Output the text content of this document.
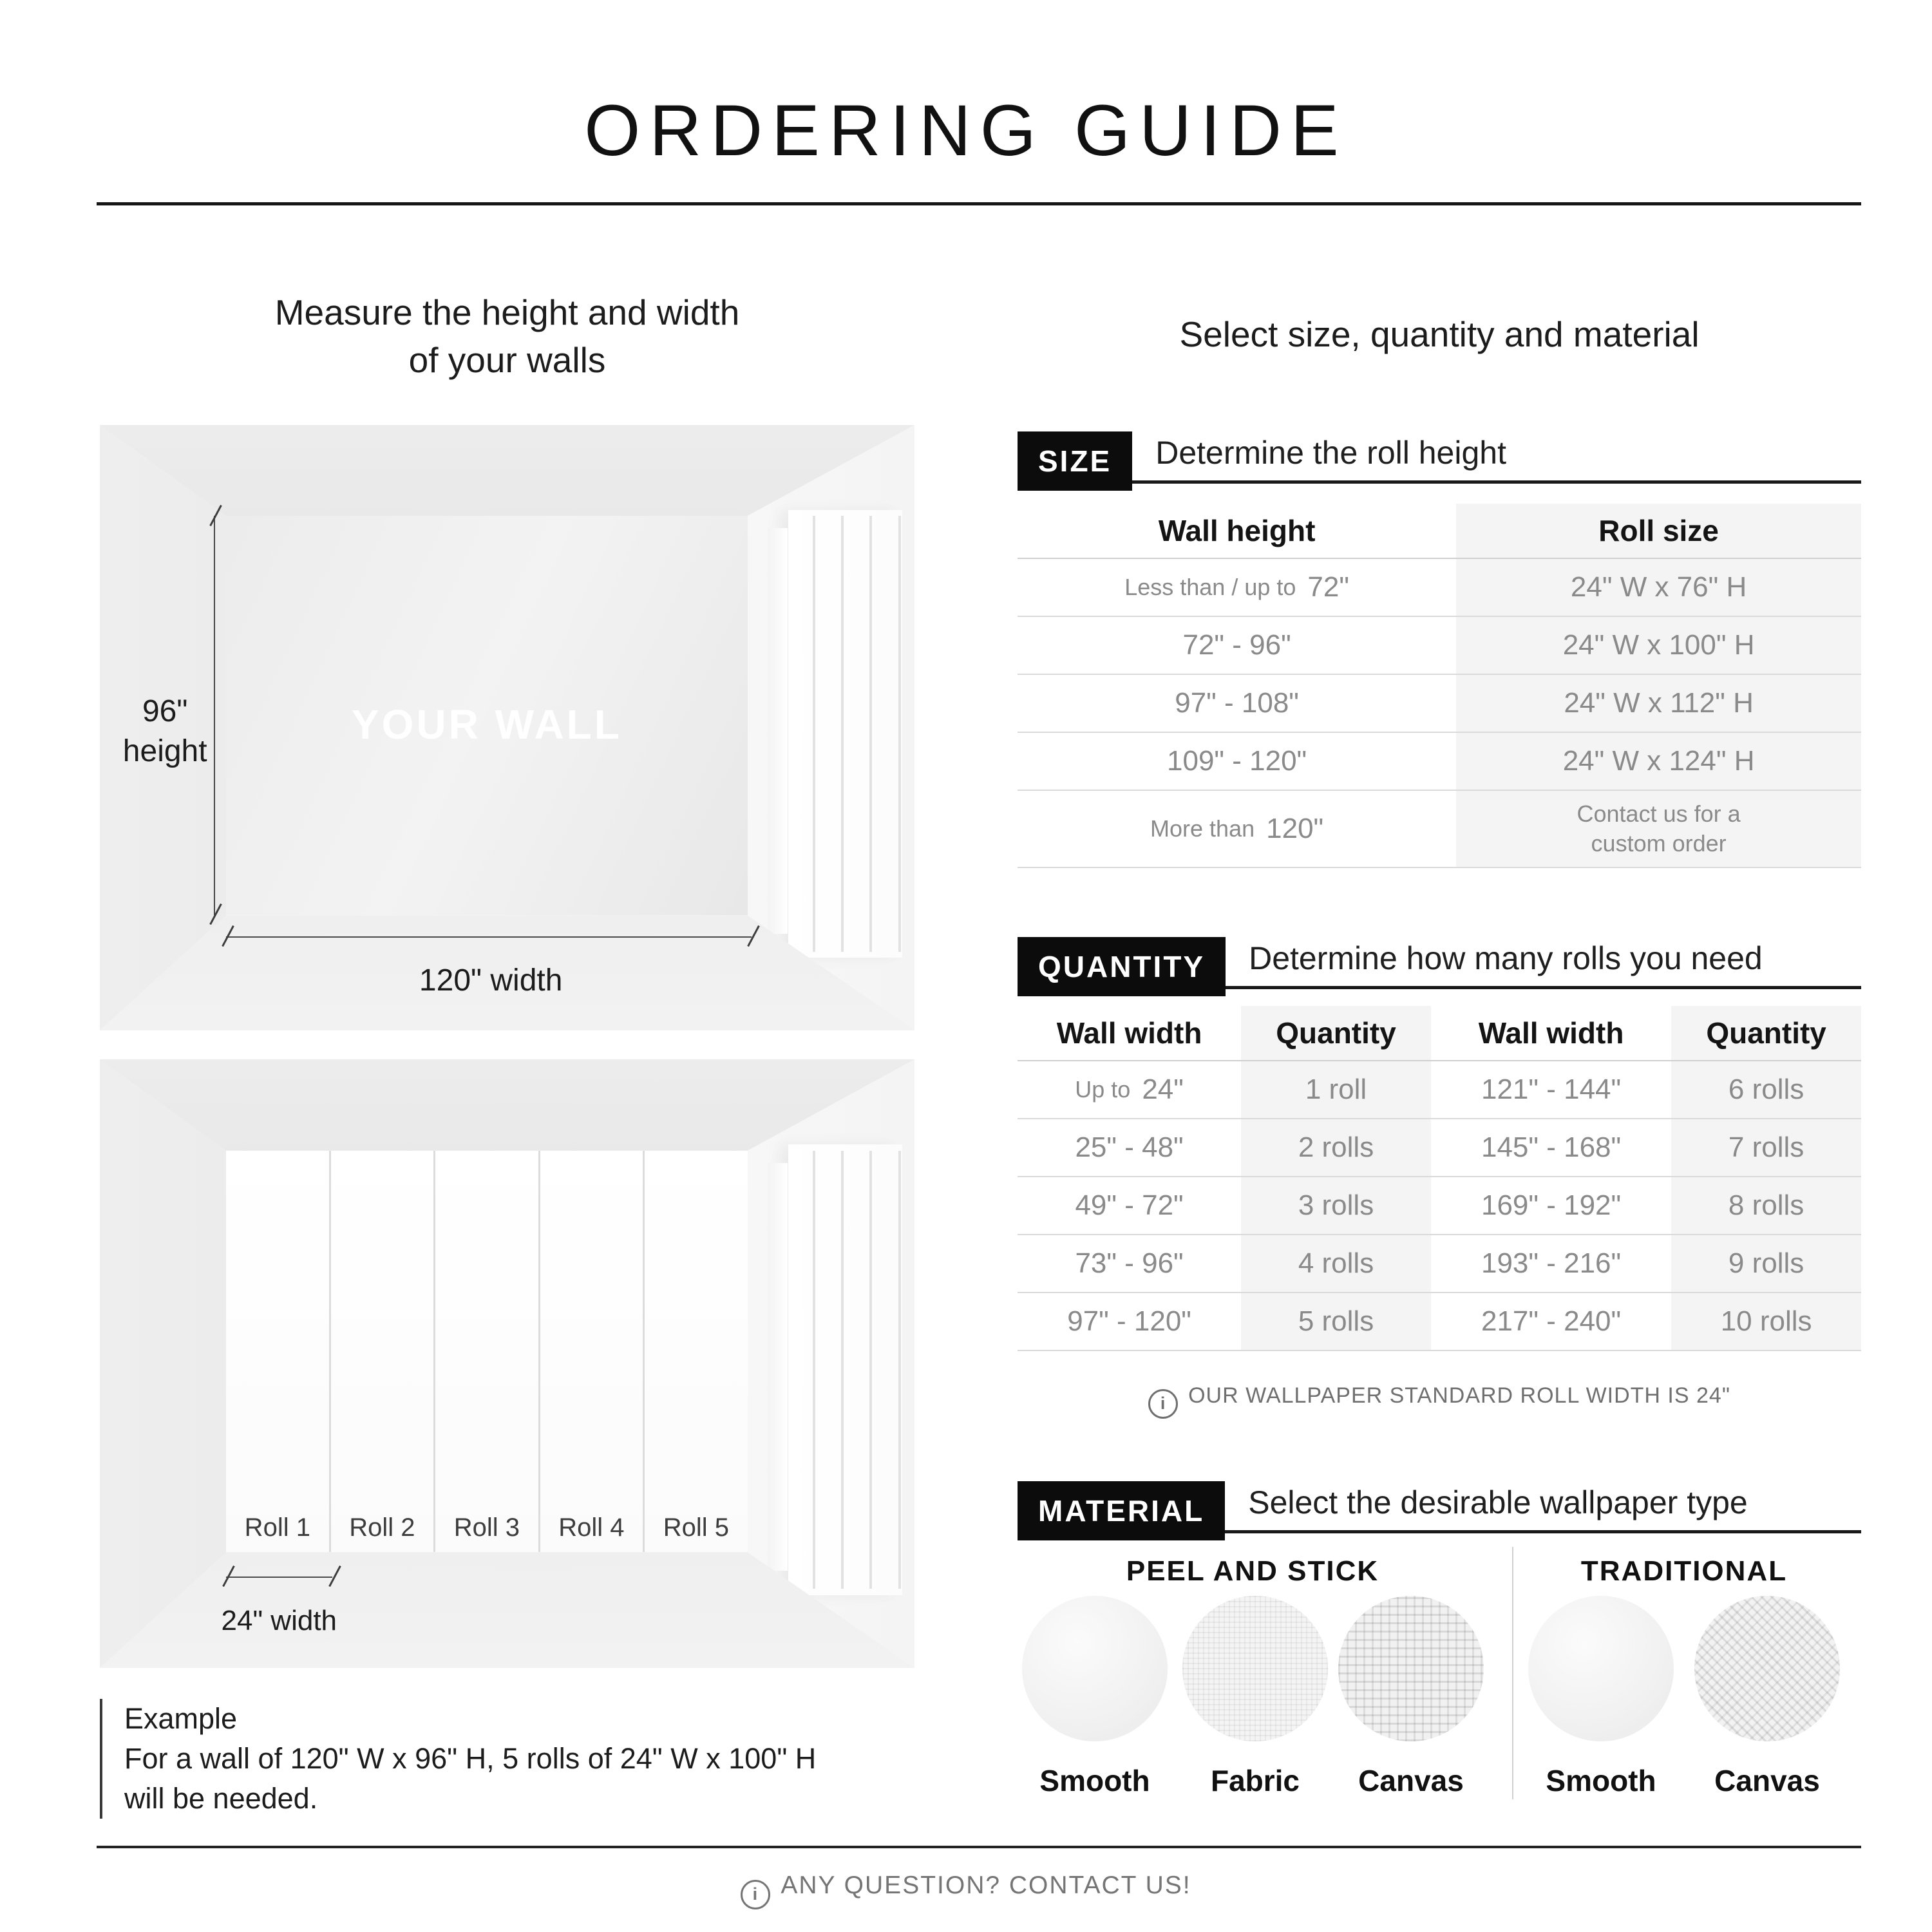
ORDERING GUIDE
Measure the height and width
of your walls
Select size, quantity and material
YOUR WALL
96"
height
120" width
Roll 1 Roll 2 Roll 3 Roll 4 Roll 5
24" width
Example
For a wall of 120" W x 96" H, 5 rolls of 24" W x 100" H
will be needed.
SIZE	Determine the roll height
Wall height	Roll size
Less than / up to 72"	24" W x 76" H
72" - 96"	24" W x 100" H
97" - 108"	24" W x 112" H
109" - 120"	24" W x 124" H
More than 120"	Contact us for a
custom order
QUANTITY	Determine how many rolls you need
Wall width	Quantity	Wall width	Quantity
Up to 24"	1 roll	121" - 144"	6 rolls
25" - 48"	2 rolls	145" - 168"	7 rolls
49" - 72"	3 rolls	169" - 192"	8 rolls
73" - 96"	4 rolls	193" - 216"	9 rolls
97" - 120"	5 rolls	217" - 240"	10 rolls
iOUR WALLPAPER STANDARD ROLL WIDTH IS 24"
MATERIAL	Select the desirable wallpaper type
PEEL AND STICK	TRADITIONAL
Smooth	Fabric	Canvas	Smooth	Canvas
iANY QUESTION? CONTACT US!
